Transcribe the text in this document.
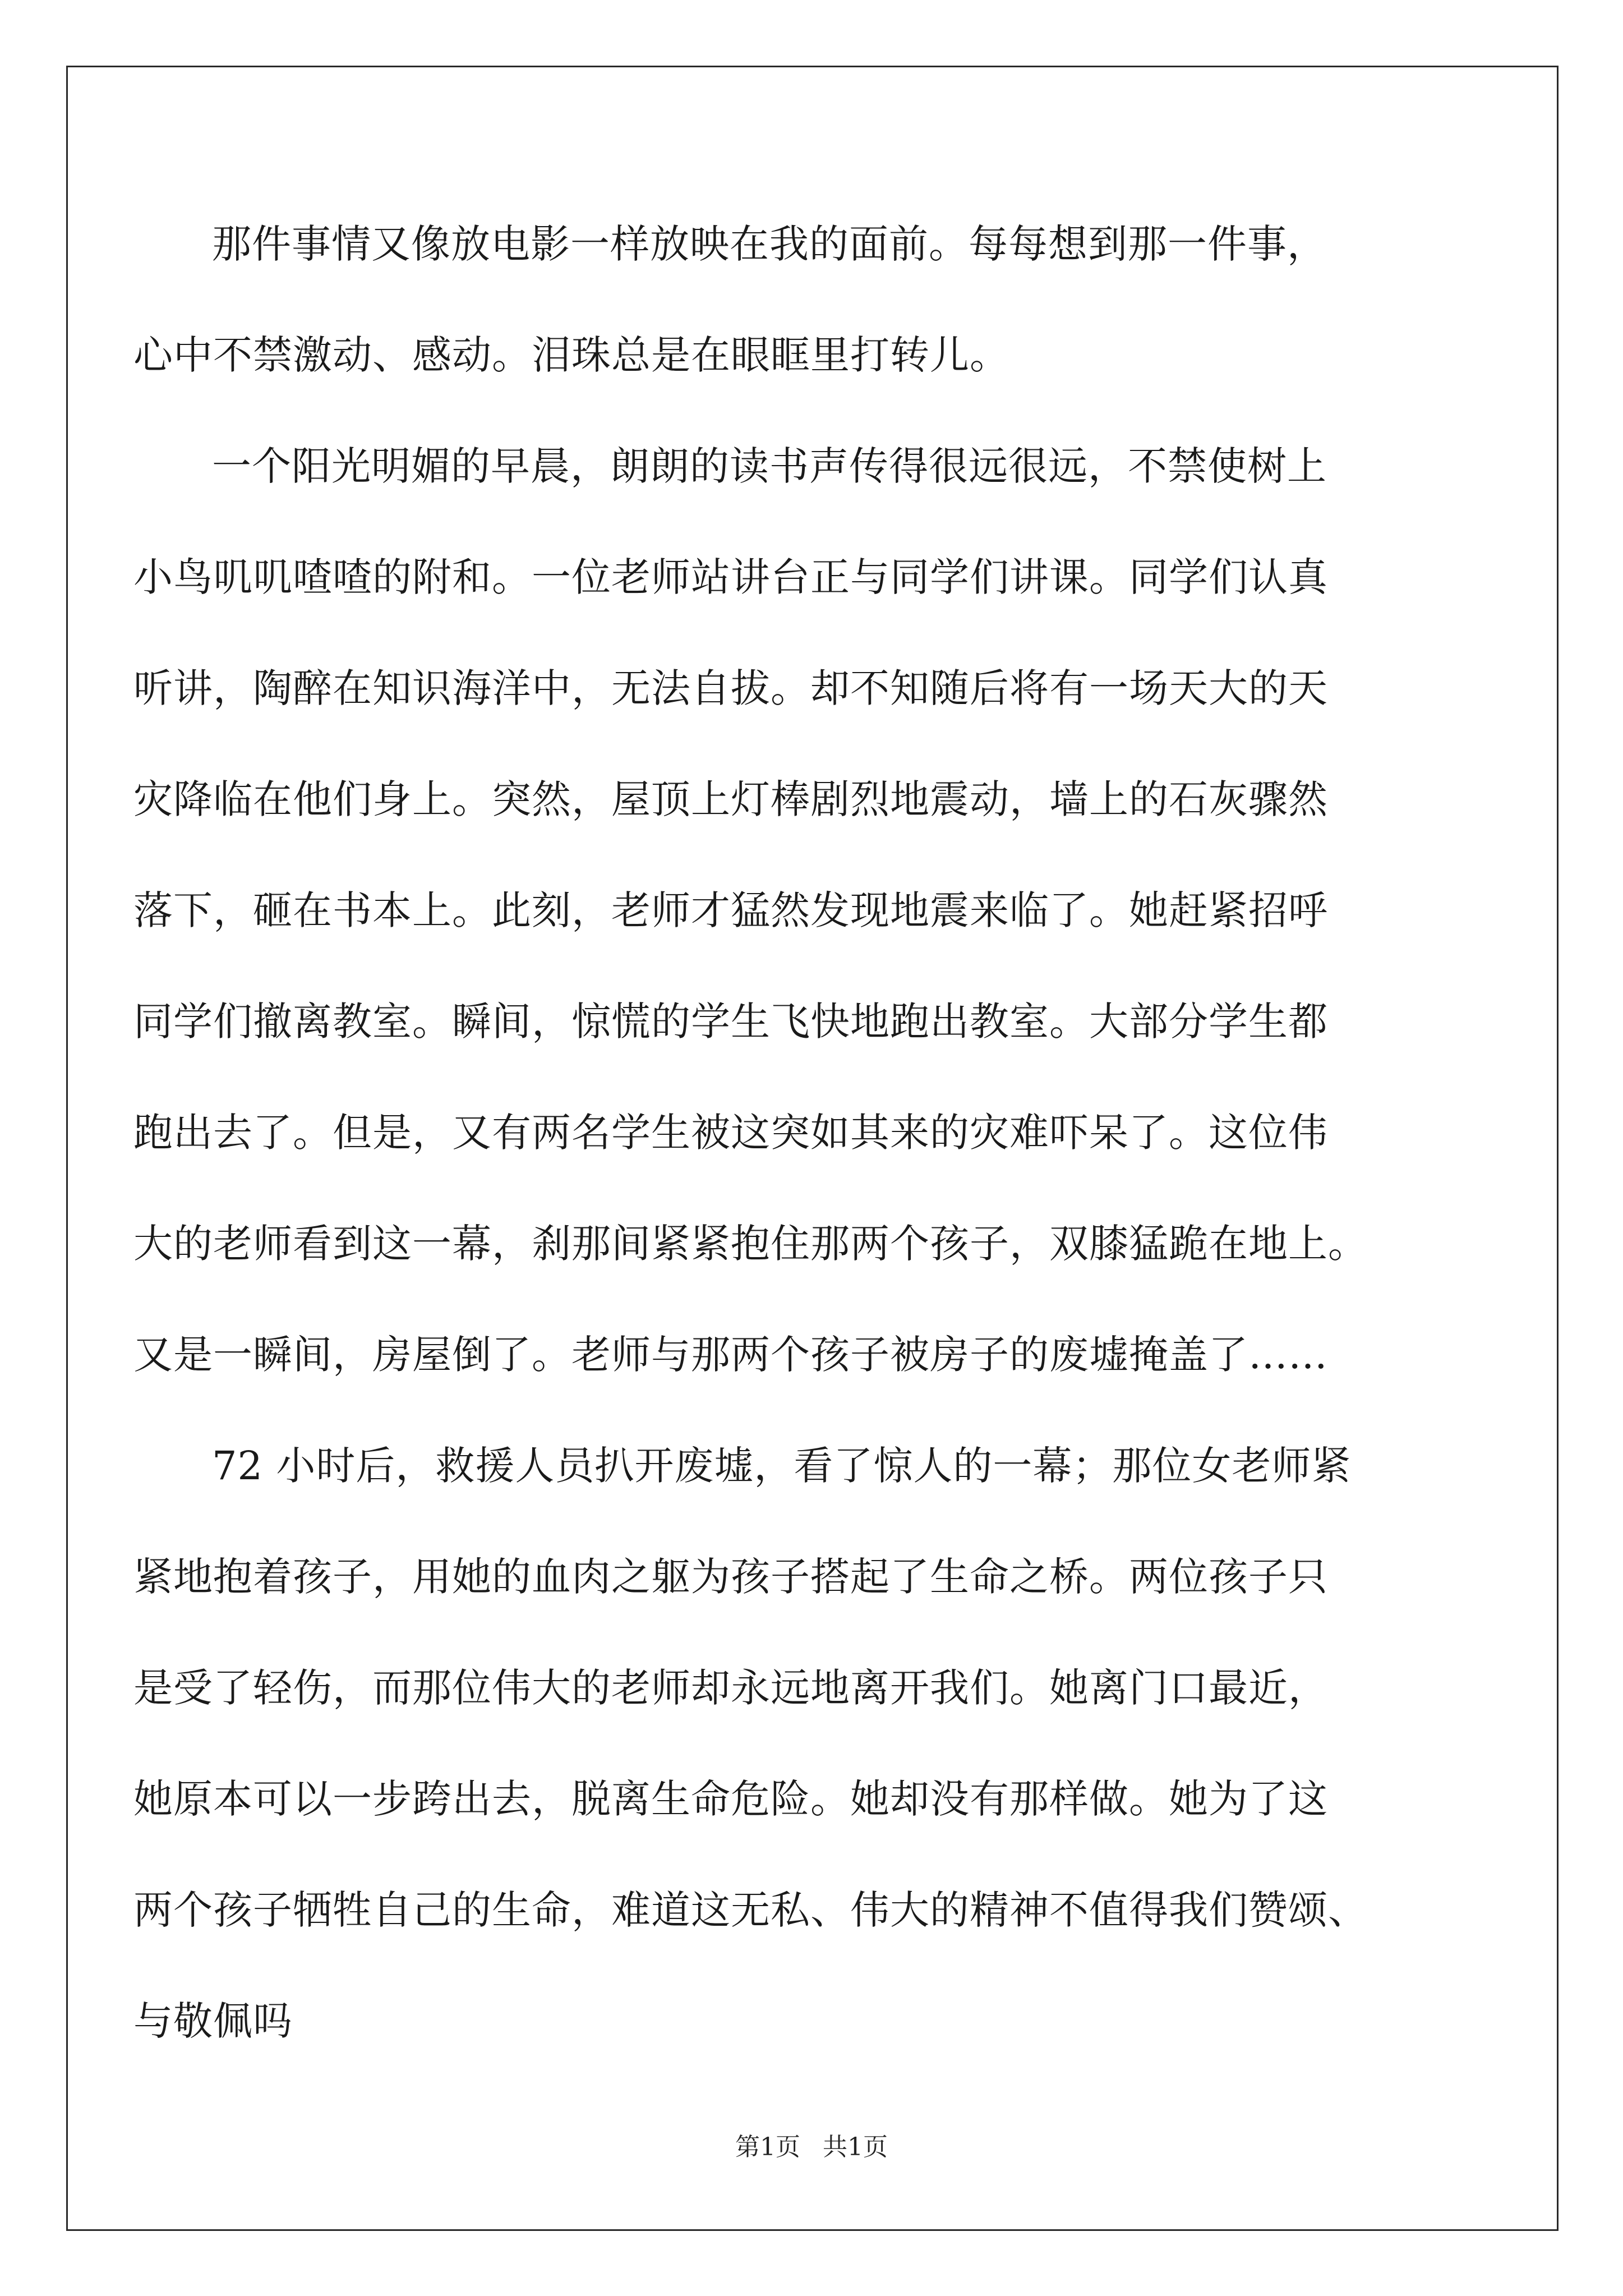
那件事情又像放电影一样放映在我的面前。每每想到那一件事，

心中不禁激动、感动。泪珠总是在眼眶里打转儿。

一个阳光明媚的早晨，朗朗的读书声传得很远很远，不禁使树上

小鸟叽叽喳喳的附和。一位老师站讲台正与同学们讲课。同学们认真

听讲，陶醉在知识海洋中，无法自拔。却不知随后将有一场天大的天

灾降临在他们身上。突然，屋顶上灯棒剧烈地震动，墙上的石灰骤然

落下，砸在书本上。此刻，老师才猛然发现地震来临了。她赶紧招呼

同学们撤离教室。瞬间，惊慌的学生飞快地跑出教室。大部分学生都

跑出去了。但是，又有两名学生被这突如其来的灾难吓呆了。这位伟

大的老师看到这一幕，刹那间紧紧抱住那两个孩子，双膝猛跪在地上。

又是一瞬间，房屋倒了。老师与那两个孩子被房子的废墟掩盖了……

72 小时后，救援人员扒开废墟，看了惊人的一幕；那位女老师紧

紧地抱着孩子，用她的血肉之躯为孩子搭起了生命之桥。两位孩子只

是受了轻伤，而那位伟大的老师却永远地离开我们。她离门口最近，

她原本可以一步跨出去，脱离生命危险。她却没有那样做。她为了这

两个孩子牺牲自己的生命，难道这无私、伟大的精神不值得我们赞颂、

与敬佩吗

第1页 共1页
